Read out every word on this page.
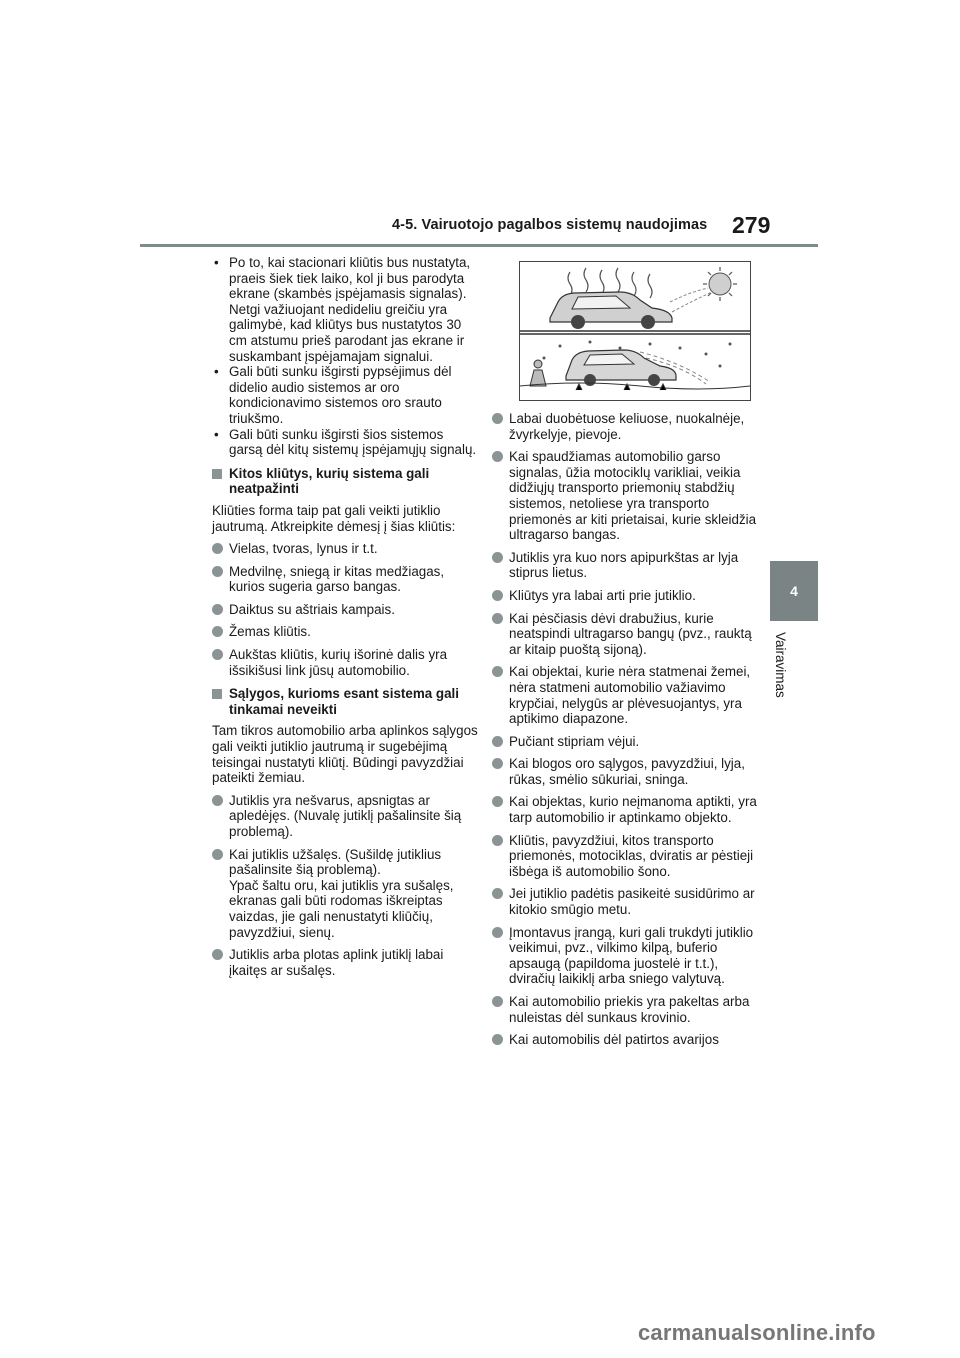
4-5. Vairuotojo pagalbos sistemų naudojimas 279
4
Vairavimas
• Po to, kai stacionari kliūtis bus nustatyta, praeis šiek tiek laiko, kol ji bus parodyta ekrane (skambės įspėjamasis signalas). Netgi važiuojant nedideliu greičiu yra galimybė, kad kliūtys bus nustatytos 30 cm atstumu prieš parodant jas ekrane ir suskambant įspėjamajam signalui.
• Gali būti sunku išgirsti pypsėjimus dėl didelio audio sistemos ar oro kondicionavimo sistemos oro srauto triukšmo.
• Gali būti sunku išgirsti šios sistemos garsą dėl kitų sistemų įspėjamųjų signalų.
Kitos kliūtys, kurių sistema gali neatpažinti

Kliūties forma taip pat gali veikti jutiklio jautrumą. Atkreipkite dėmesį į šias kliūtis:

Vielas, tvoras, lynus ir t.t.
Medvilnę, sniegą ir kitas medžiagas, kurios sugeria garso bangas.
Daiktus su aštriais kampais.
Žemas kliūtis.
Aukštas kliūtis, kurių išorinė dalis yra išsikišusi link jūsų automobilio.
Sąlygos, kurioms esant sistema gali tinkamai neveikti

Tam tikros automobilio arba aplinkos sąlygos gali veikti jutiklio jautrumą ir sugebėjimą teisingai nustatyti kliūtį. Būdingi pavyzdžiai pateikti žemiau.

Jutiklis yra nešvarus, apsnigtas ar apledėjęs. (Nuvalę jutiklį pašalinsite šią problemą).
Kai jutiklis užšalęs. (Sušildę jutiklius pašalinsite šią problemą).
Ypač šaltu oru, kai jutiklis yra sušalęs, ekranas gali būti rodomas iškreiptas vaizdas, jie gali nenustatyti kliūčių, pavyzdžiui, sienų.
Jutiklis arba plotas aplink jutiklį labai įkaitęs ar sušalęs.
Labai duobėtuose keliuose, nuokalnėje, žvyrkelyje, pievoje.
Kai spaudžiamas automobilio garso signalas, ūžia motociklų varikliai, veikia didžiųjų transporto priemonių stabdžių sistemos, netoliese yra transporto priemonės ar kiti prietaisai, kurie skleidžia ultragarso bangas.
Jutiklis yra kuo nors apipurkštas ar lyja stiprus lietus.
Kliūtys yra labai arti prie jutiklio.
Kai pėsčiasis dėvi drabužius, kurie neatspindi ultragarso bangų (pvz., rauktą ar kitaip puoštą sijoną).
Kai objektai, kurie nėra statmenai žemei, nėra statmeni automobilio važiavimo krypčiai, nelygūs ar plėvesuojantys, yra aptikimo diapazone.
Pučiant stipriam vėjui.
Kai blogos oro sąlygos, pavyzdžiui, lyja, rūkas, smėlio sūkuriai, sninga.
Kai objektas, kurio neįmanoma aptikti, yra tarp automobilio ir aptinkamo objekto.
Kliūtis, pavyzdžiui, kitos transporto priemonės, motociklas, dviratis ar pėstieji išbėga iš automobilio šono.
Jei jutiklio padėtis pasikeitė susidūrimo ar kitokio smūgio metu.
Įmontavus įrangą, kuri gali trukdyti jutiklio veikimui, pvz., vilkimo kilpą, buferio apsaugą (papildoma juostelė ir t.t.), dviračių laikiklį arba sniego valytuvą.
Kai automobilio priekis yra pakeltas arba nuleistas dėl sunkaus krovinio.
Kai automobilis dėl patirtos avarijos
carmanualsonline.info
